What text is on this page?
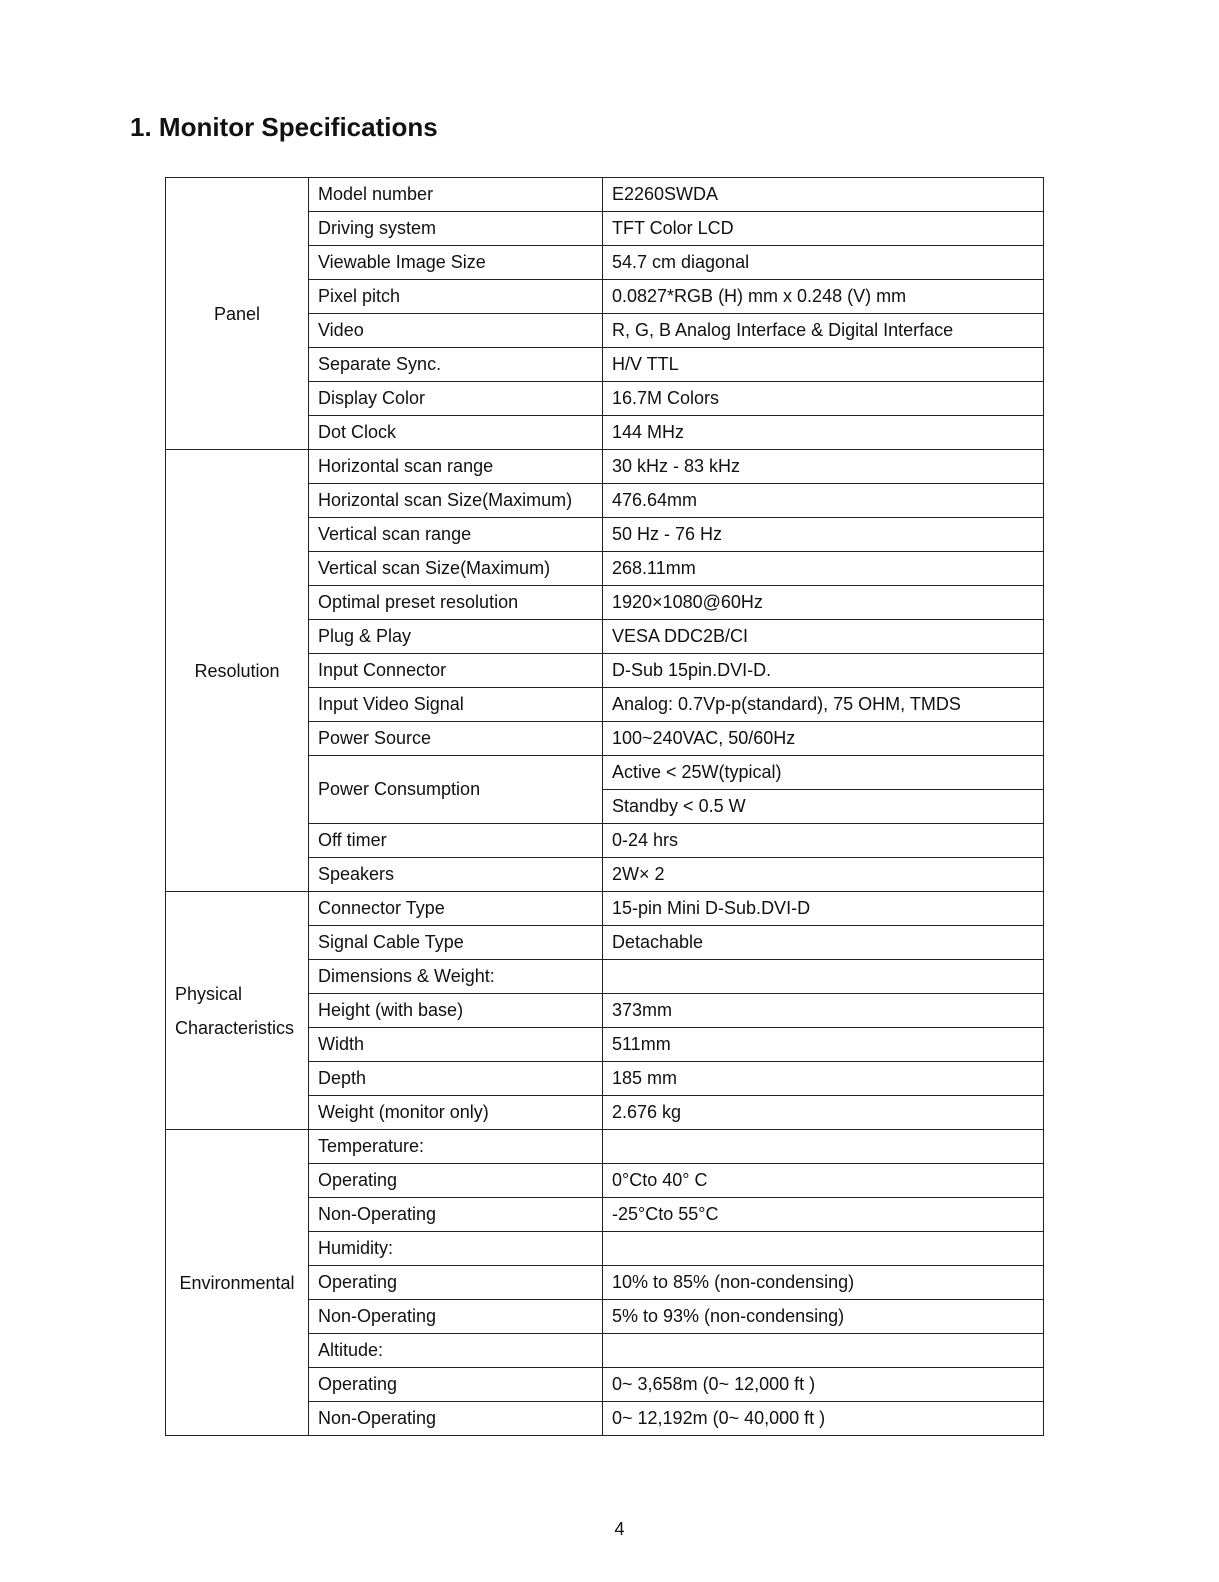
1. Monitor Specifications
Panel	Model number	E2260SWDA
	Driving system	TFT Color LCD
	Viewable Image Size	54.7 cm diagonal
	Pixel pitch	0.0827*RGB (H) mm x 0.248 (V) mm
	Video	R, G, B Analog Interface & Digital Interface
	Separate Sync.	H/V TTL
	Display Color	16.7M Colors
	Dot Clock	144 MHz
Resolution	Horizontal scan range	30 kHz - 83 kHz
	Horizontal scan Size(Maximum)	476.64mm
	Vertical scan range	50 Hz - 76 Hz
	Vertical scan Size(Maximum)	268.11mm
	Optimal preset resolution	1920×1080@60Hz
	Plug & Play	VESA DDC2B/CI
	Input Connector	D-Sub 15pin.DVI-D.
	Input Video Signal	Analog: 0.7Vp-p(standard), 75 OHM, TMDS
	Power Source	100~240VAC, 50/60Hz
	Power Consumption	Active < 25W(typical)
		Standby < 0.5 W
	Off timer	0-24 hrs
	Speakers	2W× 2
Physical Characteristics	Connector Type	15-pin Mini D-Sub.DVI-D
	Signal Cable Type	Detachable
	Dimensions & Weight:	
	Height (with base)	373mm
	Width	511mm
	Depth	185 mm
	Weight (monitor only)	2.676 kg
Environmental	Temperature:	
	Operating	0°Cto 40° C
	Non-Operating	-25°Cto 55°C
	Humidity:	
	Operating	10% to 85% (non-condensing)
	Non-Operating	5% to 93% (non-condensing)
	Altitude:	
	Operating	0~ 3,658m (0~ 12,000 ft )
	Non-Operating	0~ 12,192m (0~ 40,000 ft )
4
